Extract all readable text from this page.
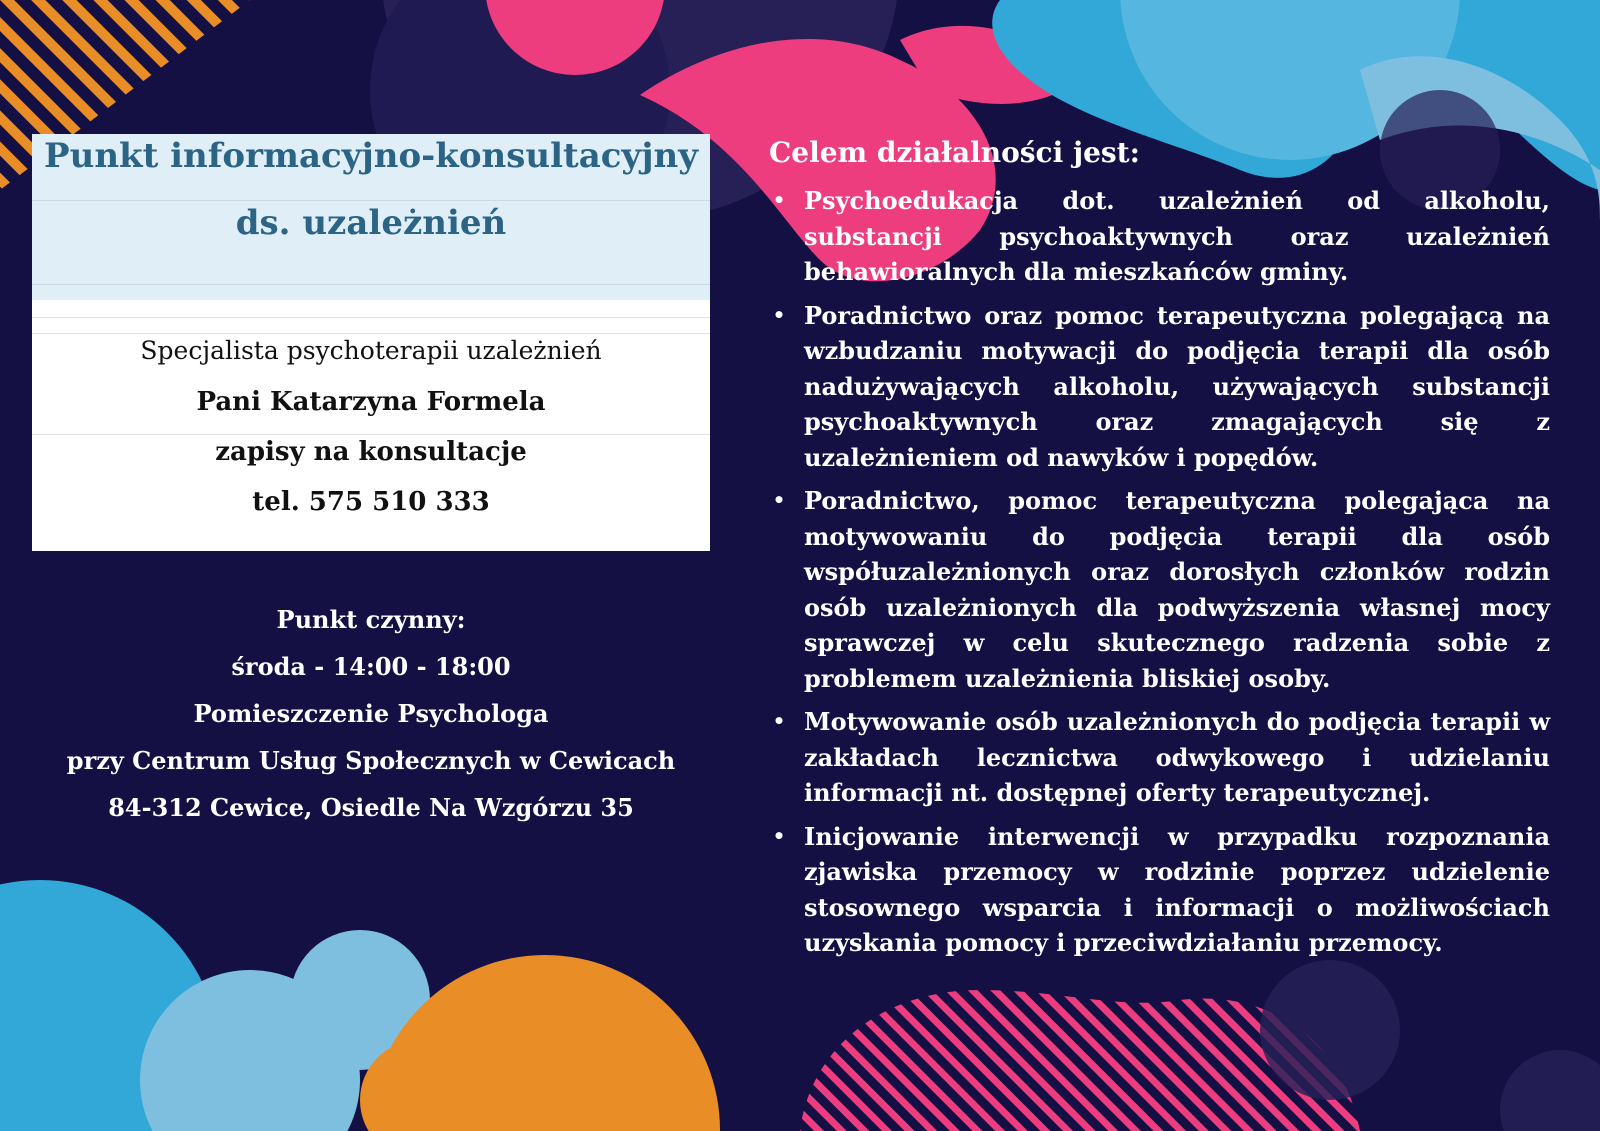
Punkt informacyjno-konsultacyjny
ds. uzależnień
Specjalista psychoterapii uzależnień
Pani Katarzyna Formela
zapisy na konsultacje
tel. 575 510 333
Punkt czynny:
środa - 14:00 - 18:00
Pomieszczenie Psychologa
przy Centrum Usług Społecznych w Cewicach
84-312 Cewice, Osiedle Na Wzgórzu 35
Celem działalności jest:
• Psychoedukacja dot. uzależnień od alkoholu, substancji psychoaktywnych oraz uzależnień behawioralnych dla mieszkańców gminy.
• Poradnictwo oraz pomoc terapeutyczna polegającą na wzbudzaniu motywacji do podjęcia terapii dla osób nadużywających alkoholu, używających substancji psychoaktywnych oraz zmagających się z uzależnieniem od nawyków i popędów.
• Poradnictwo, pomoc terapeutyczna polegająca na motywowaniu do podjęcia terapii dla osób współuzależnionych oraz dorosłych członków rodzin osób uzależnionych dla podwyższenia własnej mocy sprawczej w celu skutecznego radzenia sobie z problemem uzależnienia bliskiej osoby.
• Motywowanie osób uzależnionych do podjęcia terapii w zakładach lecznictwa odwykowego i udzielaniu informacji nt. dostępnej oferty terapeutycznej.
• Inicjowanie interwencji w przypadku rozpoznania zjawiska przemocy w rodzinie poprzez udzielenie stosownego wsparcia i informacji o możliwościach uzyskania pomocy i przeciwdziałaniu przemocy.
